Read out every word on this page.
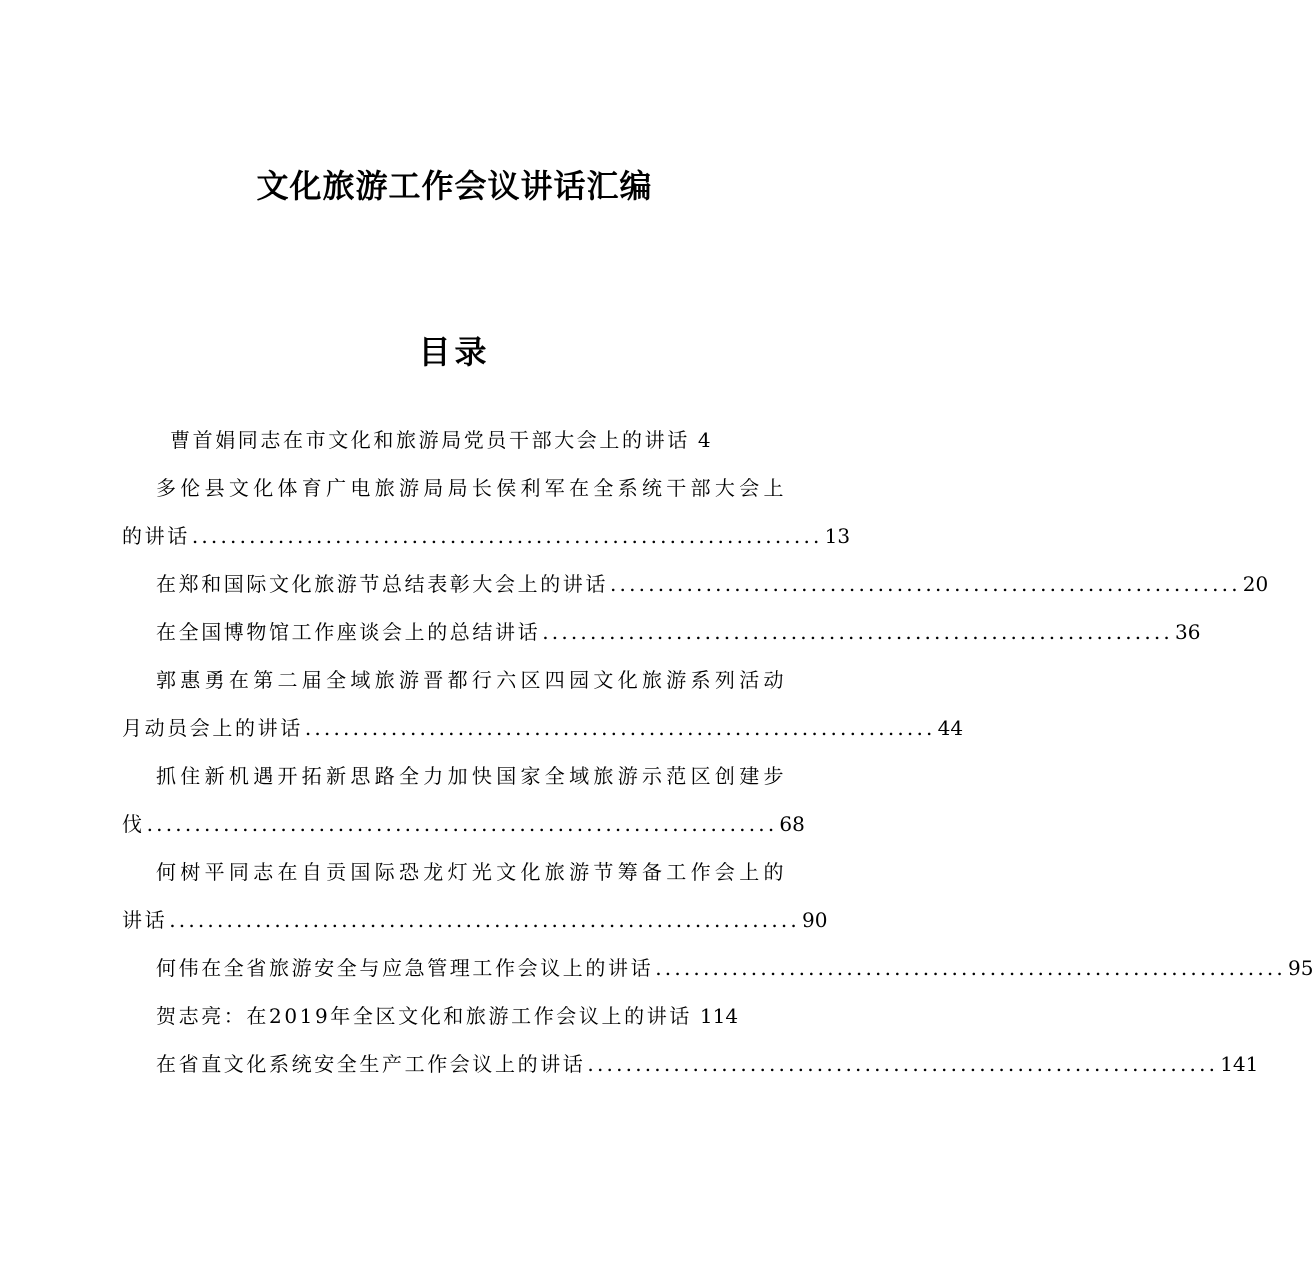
文化旅游工作会议讲话汇编
目录
曹首娟同志在市文化和旅游局党员干部大会上的讲话 4
多伦县文化体育广电旅游局局长侯利军在全系统干部大会上
的讲话 .................................................................. 13
在郑和国际文化旅游节总结表彰大会上的讲话 .................................................................. 20
在全国博物馆工作座谈会上的总结讲话 .................................................................. 36
郭惠勇在第二届全域旅游晋都行六区四园文化旅游系列活动
月动员会上的讲话 .................................................................. 44
抓住新机遇开拓新思路全力加快国家全域旅游示范区创建步
伐 .................................................................. 68
何树平同志在自贡国际恐龙灯光文化旅游节筹备工作会上的
讲话 .................................................................. 90
何伟在全省旅游安全与应急管理工作会议上的讲话 .................................................................. 95
贺志亮：在2019年全区文化和旅游工作会议上的讲话 114
在省直文化系统安全生产工作会议上的讲话 .................................................................. 141
